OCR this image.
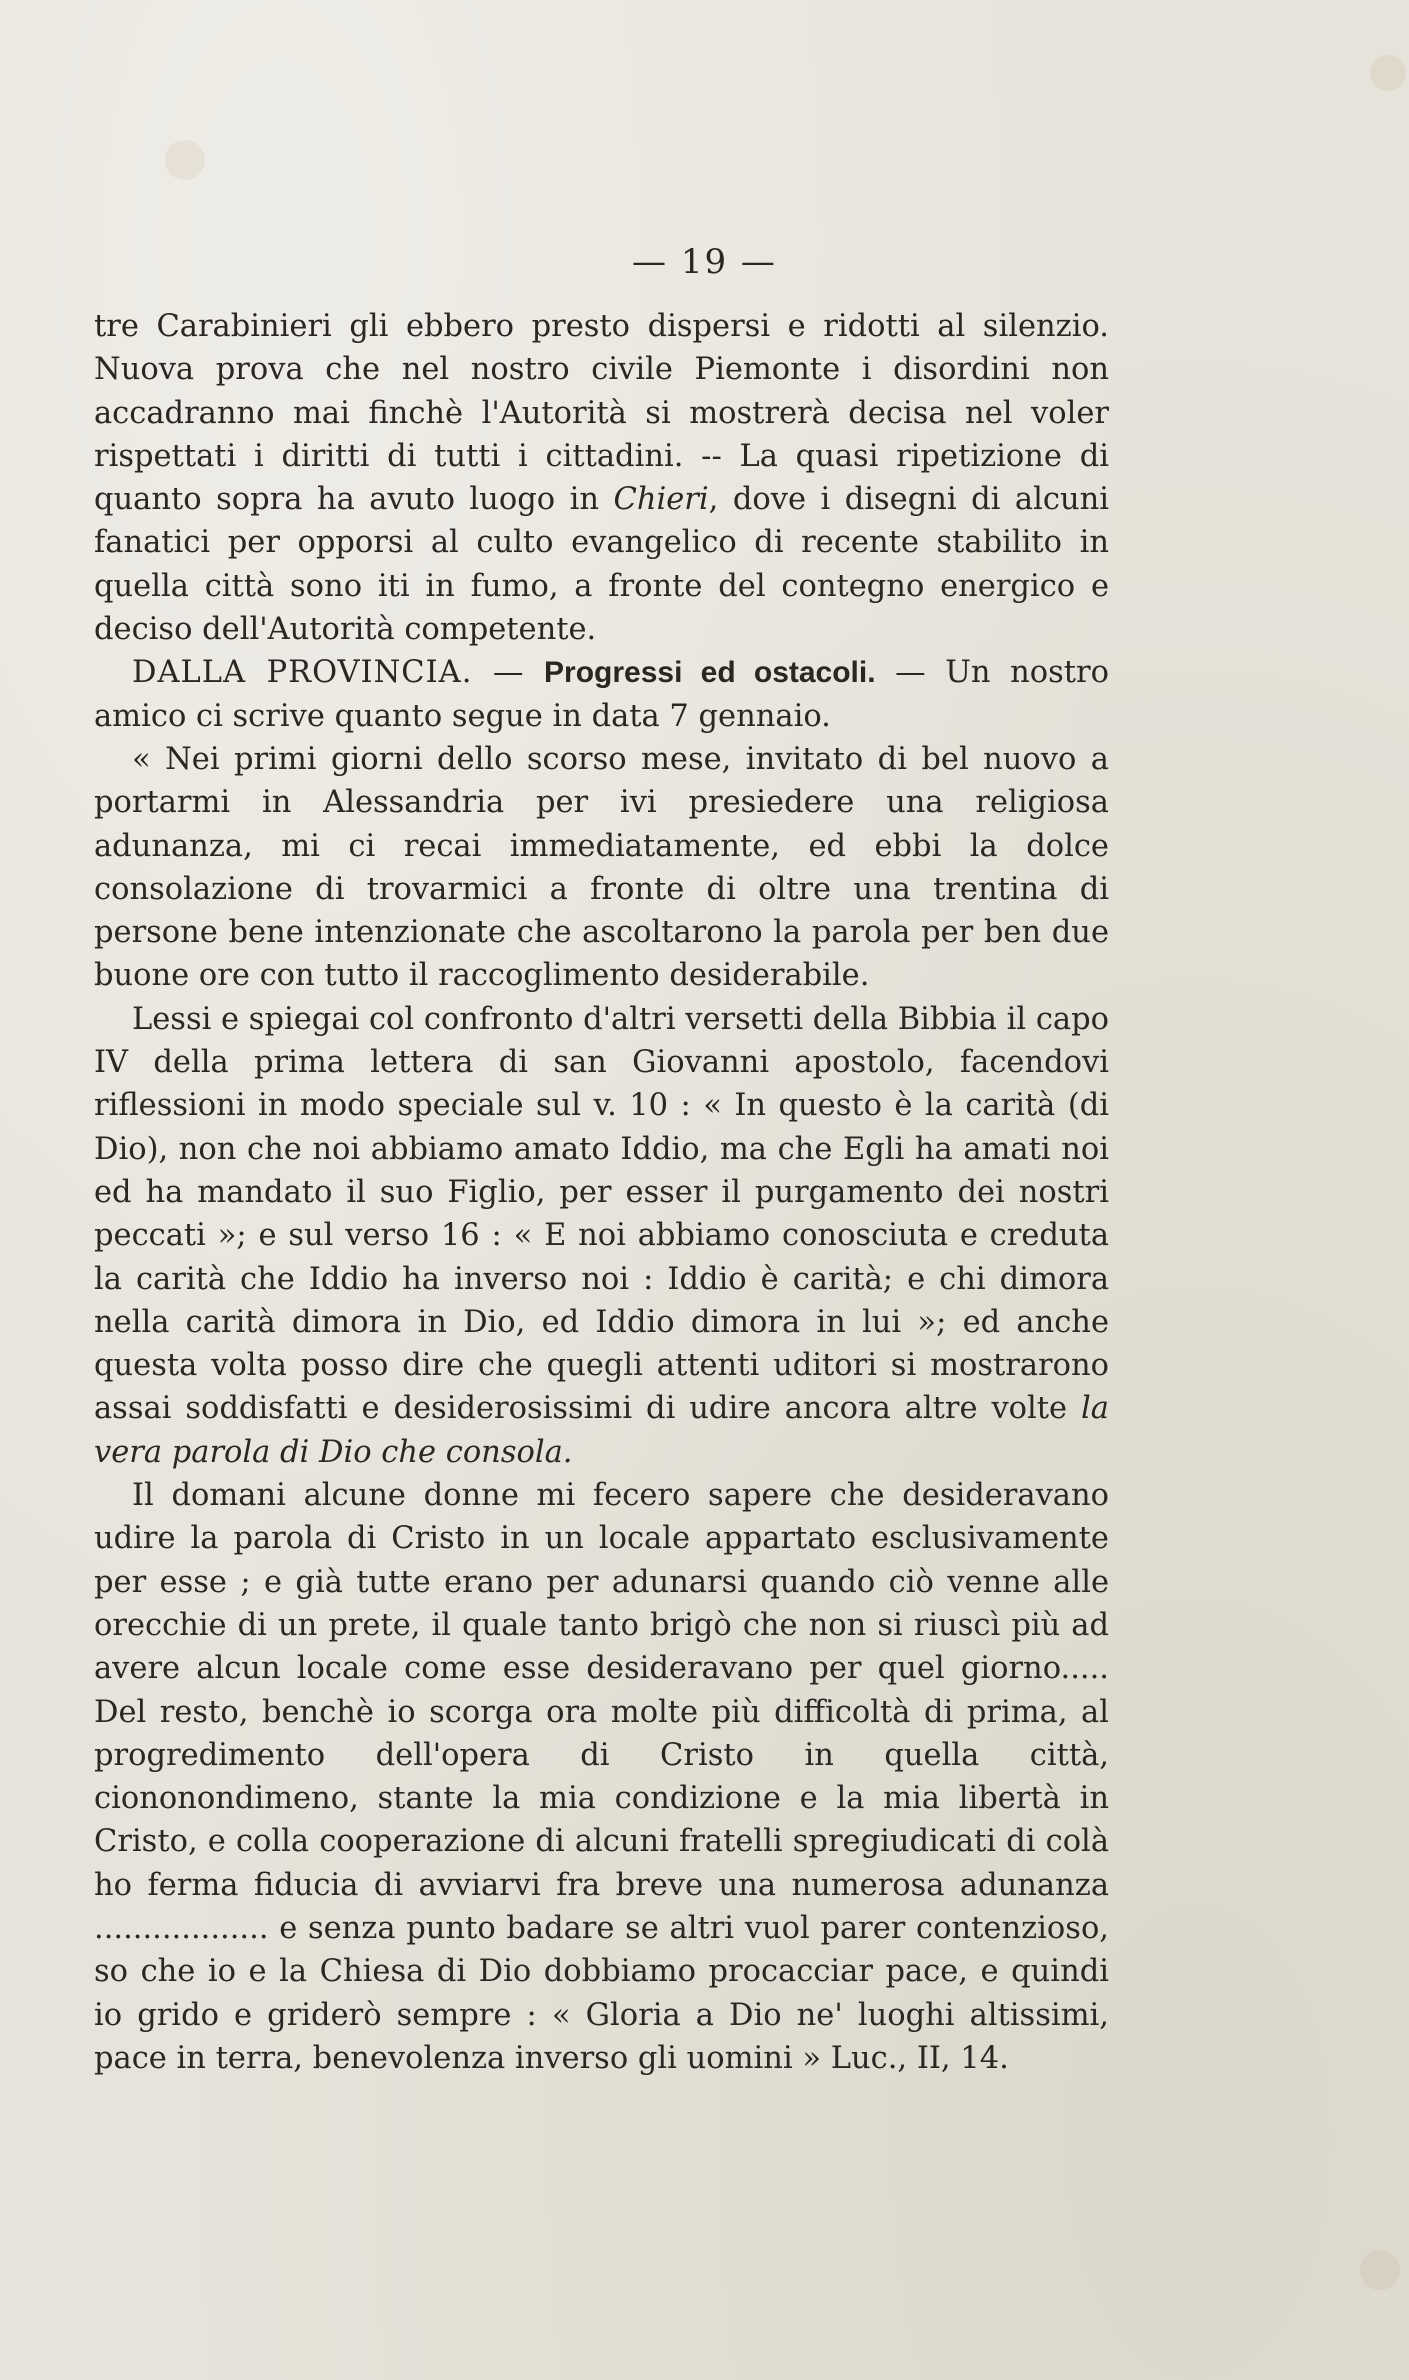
— 19 —

tre Carabinieri gli ebbero presto dispersi e ridotti al silenzio. Nuova prova che nel nostro civile Piemonte i disordini non accadranno mai finchè l'Autorità si mostrerà decisa nel voler rispettati i diritti di tutti i cittadini. -- La quasi ripetizione di quanto sopra ha avuto luogo in Chieri, dove i disegni di alcuni fanatici per opporsi al culto evangelico di recente stabilito in quella città sono iti in fumo, a fronte del contegno energico e deciso dell'Autorità competente.

DALLA PROVINCIA. — Progressi ed ostacoli. — Un nostro amico ci scrive quanto segue in data 7 gennaio.

« Nei primi giorni dello scorso mese, invitato di bel nuovo a portarmi in Alessandria per ivi presiedere una religiosa adunanza, mi ci recai immediatamente, ed ebbi la dolce consolazione di trovarmici a fronte di oltre una trentina di persone bene intenzionate che ascoltarono la parola per ben due buone ore con tutto il raccoglimento desiderabile.

Lessi e spiegai col confronto d'altri versetti della Bibbia il capo IV della prima lettera di san Giovanni apostolo, facendovi riflessioni in modo speciale sul v. 10 : « In questo è la carità (di Dio), non che noi abbiamo amato Iddio, ma che Egli ha amati noi ed ha mandato il suo Figlio, per esser il purgamento dei nostri peccati »; e sul verso 16 : « E noi abbiamo conosciuta e creduta la carità che Iddio ha inverso noi : Iddio è carità; e chi dimora nella carità dimora in Dio, ed Iddio dimora in lui »; ed anche questa volta posso dire che quegli attenti uditori si mostrarono assai soddisfatti e desiderosissimi di udire ancora altre volte la vera parola di Dio che consola.

Il domani alcune donne mi fecero sapere che desideravano udire la parola di Cristo in un locale appartato esclusivamente per esse ; e già tutte erano per adunarsi quando ciò venne alle orecchie di un prete, il quale tanto brigò che non si riuscì più ad avere alcun locale come esse desideravano per quel giorno..... Del resto, benchè io scorga ora molte più difficoltà di prima, al progredimento dell'opera di Cristo in quella città, ciononondimeno, stante la mia condizione e la mia libertà in Cristo, e colla cooperazione di alcuni fratelli spregiudicati di colà ho ferma fiducia di avviarvi fra breve una numerosa adunanza .................. e senza punto badare se altri vuol parer contenzioso, so che io e la Chiesa di Dio dobbiamo procacciar pace, e quindi io grido e griderò sempre : « Gloria a Dio ne' luoghi altissimi, pace in terra, benevolenza inverso gli uomini » Luc., II, 14.
